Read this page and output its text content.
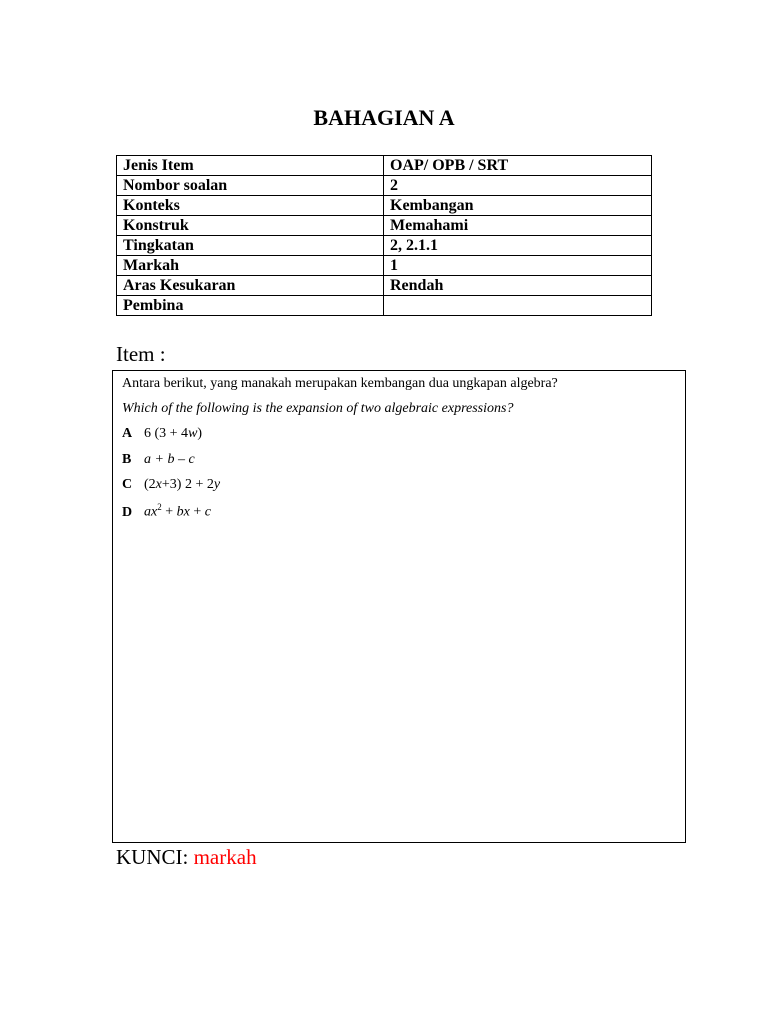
BAHAGIAN A
Jenis Item	OAP/ OPB / SRT
Nombor soalan	2
Konteks	Kembangan
Konstruk	Memahami
Tingkatan	2, 2.1.1
Markah	1
Aras Kesukaran	Rendah
Pembina	
Item :
Antara berikut, yang manakah merupakan kembangan dua ungkapan algebra?
Which of the following is the expansion of two algebraic expressions?
A 6 (3 + 4w)
B a + b – c
C (2x+3) 2 + 2y
D $ax^2$ + bx + c
KUNCI: markah
